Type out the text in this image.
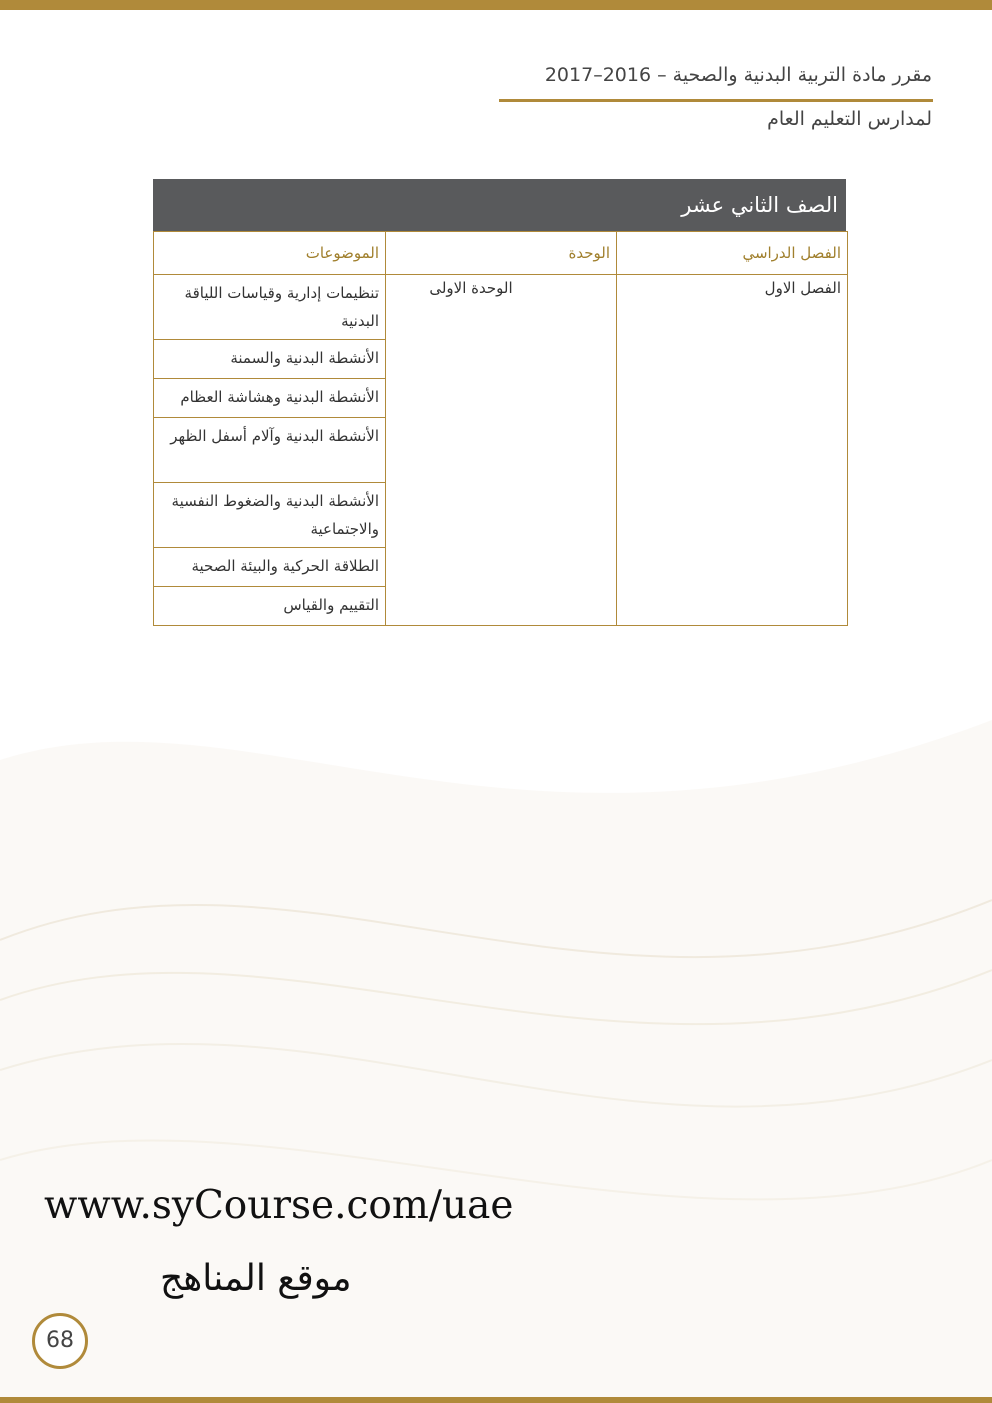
مقرر مادة التربية البدنية والصحية – 2016–2017
لمدارس التعليم العام
الصف الثاني عشر
الفصل الدراسي	الوحدة	الموضوعات
الفصل الاول	الوحدة الاولى	تنظيمات إدارية وقياسات اللياقة البدنية
		الأنشطة البدنية والسمنة
		الأنشطة البدنية وهشاشة العظام
		الأنشطة البدنية وآلام أسفل الظهر
		الأنشطة البدنية والضغوط النفسية والاجتماعية
		الطلاقة الحركية والبيئة الصحية
		التقييم والقياس
www.syCourse.com/uae
موقع المناهج
68
